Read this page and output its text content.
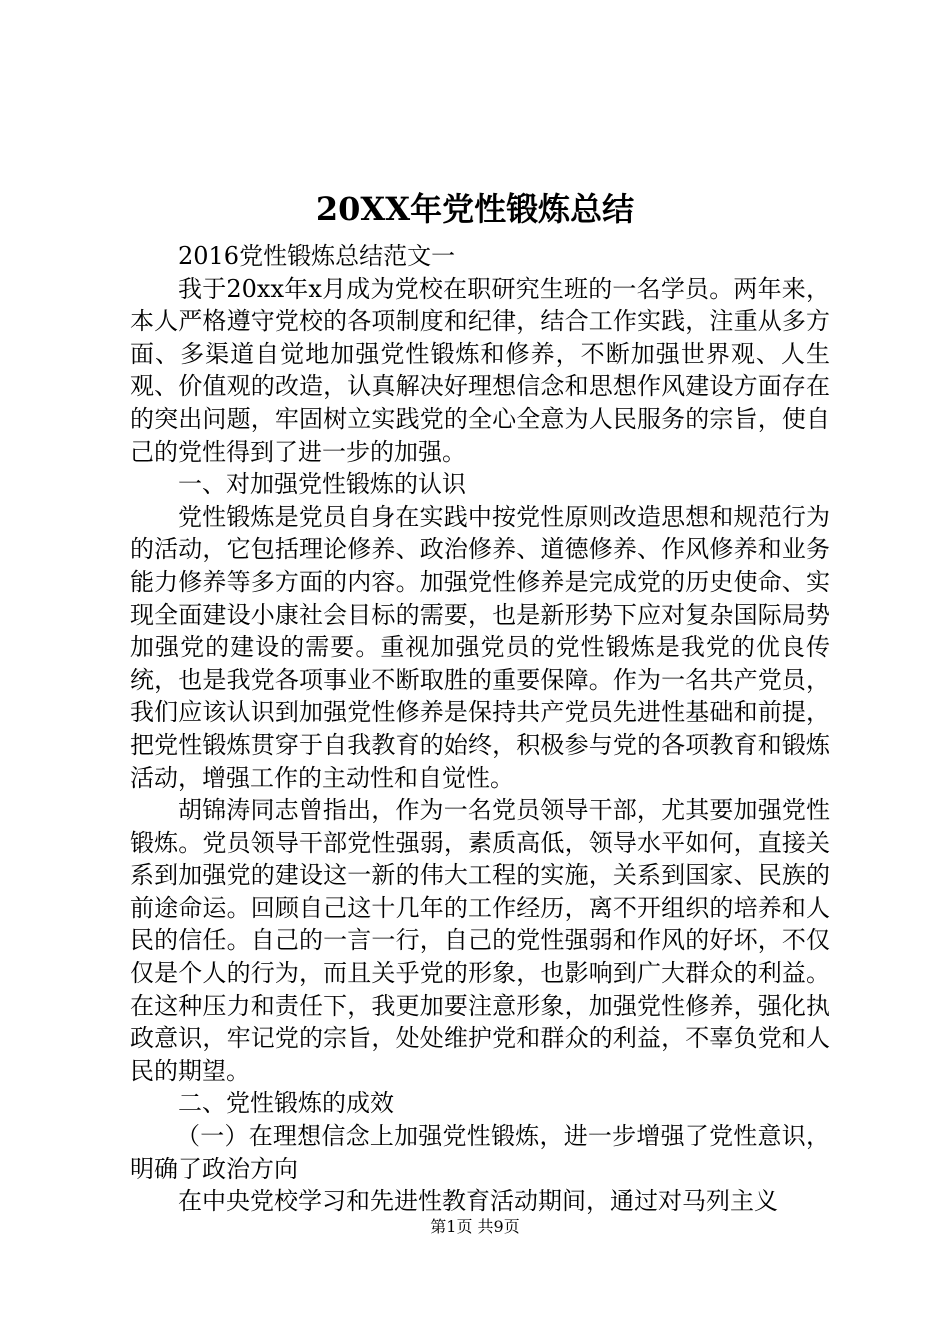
20XX年党性锻炼总结

2016党性锻炼总结范文一

我于20xx年x月成为党校在职研究生班的一名学员。两年来，本人严格遵守党校的各项制度和纪律，结合工作实践，注重从多方面、多渠道自觉地加强党性锻炼和修养，不断加强世界观、人生观、价值观的改造，认真解决好理想信念和思想作风建设方面存在的突出问题，牢固树立实践党的全心全意为人民服务的宗旨，使自己的党性得到了进一步的加强。

一、对加强党性锻炼的认识

党性锻炼是党员自身在实践中按党性原则改造思想和规范行为的活动，它包括理论修养、政治修养、道德修养、作风修养和业务能力修养等多方面的内容。加强党性修养是完成党的历史使命、实现全面建设小康社会目标的需要，也是新形势下应对复杂国际局势加强党的建设的需要。重视加强党员的党性锻炼是我党的优良传统，也是我党各项事业不断取胜的重要保障。作为一名共产党员，我们应该认识到加强党性修养是保持共产党员先进性基础和前提，把党性锻炼贯穿于自我教育的始终，积极参与党的各项教育和锻炼活动，增强工作的主动性和自觉性。

胡锦涛同志曾指出，作为一名党员领导干部，尤其要加强党性锻炼。党员领导干部党性强弱，素质高低，领导水平如何，直接关系到加强党的建设这一新的伟大工程的实施，关系到国家、民族的前途命运。回顾自己这十几年的工作经历，离不开组织的培养和人民的信任。自己的一言一行，自己的党性强弱和作风的好坏，不仅仅是个人的行为，而且关乎党的形象，也影响到广大群众的利益。在这种压力和责任下，我更加要注意形象，加强党性修养，强化执政意识，牢记党的宗旨，处处维护党和群众的利益，不辜负党和人民的期望。

二、党性锻炼的成效

（一）在理想信念上加强党性锻炼，进一步增强了党性意识，明确了政治方向

在中央党校学习和先进性教育活动期间，通过对马列主义

第1页 共9页
